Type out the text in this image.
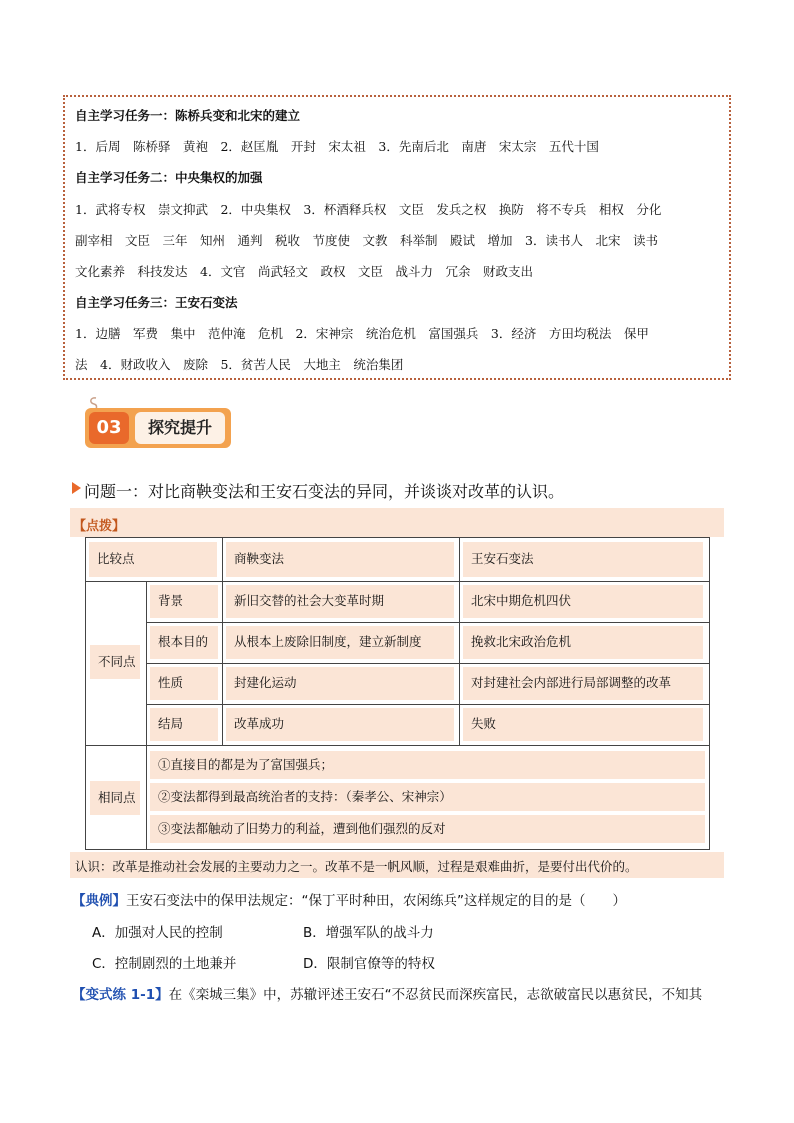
自主学习任务一：陈桥兵变和北宋的建立
1．后周　陈桥驿　黄袍　2．赵匡胤　开封　宋太祖　3．先南后北　南唐　宋太宗　五代十国
自主学习任务二：中央集权的加强
1．武将专权　崇文抑武　2．中央集权　3．杯酒释兵权　文臣　发兵之权　换防　将不专兵　相权　分化
副宰相　文臣　三年　知州　通判　税收　节度使　文教　科举制　殿试　增加　3．读书人　北宋　读书
文化素养　科技发达　4．文官　尚武轻文　政权　文臣　战斗力　冗余　财政支出
自主学习任务三：王安石变法
1．边膳　军费　集中　范仲淹　危机　2．宋神宗　统治危机　富国强兵　3．经济　方田均税法　保甲
法　4．财政收入　废除　5．贫苦人民　大地主　统治集团
03	探究提升
问题一：对比商鞅变法和王安石变法的异同，并谈谈对改革的认识。
【点拨】
比较点	商鞅变法	王安石变法
不同点
背景	新旧交替的社会大变革时期	北宋中期危机四伏
根本目的	从根本上废除旧制度，建立新制度	挽救北宋政治危机
性质	封建化运动	对封建社会内部进行局部调整的改革
结局	改革成功	失败
相同点
①直接目的都是为了富国强兵；
②变法都得到最高统治者的支持：（秦孝公、宋神宗）
③变法都触动了旧势力的利益，遭到他们强烈的反对
认识：改革是推动社会发展的主要动力之一。改革不是一帆风顺，过程是艰难曲折，是要付出代价的。
【典例】王安石变法中的保甲法规定：“保丁平时种田，农闲练兵”这样规定的目的是（　　）
A．加强对人民的控制	B．增强军队的战斗力
C．控制剧烈的土地兼并	D．限制官僚等的特权
【变式练 1-1】在《栾城三集》中，苏辙评述王安石“不忍贫民而深疾富民，志欲破富民以惠贫民，不知其
